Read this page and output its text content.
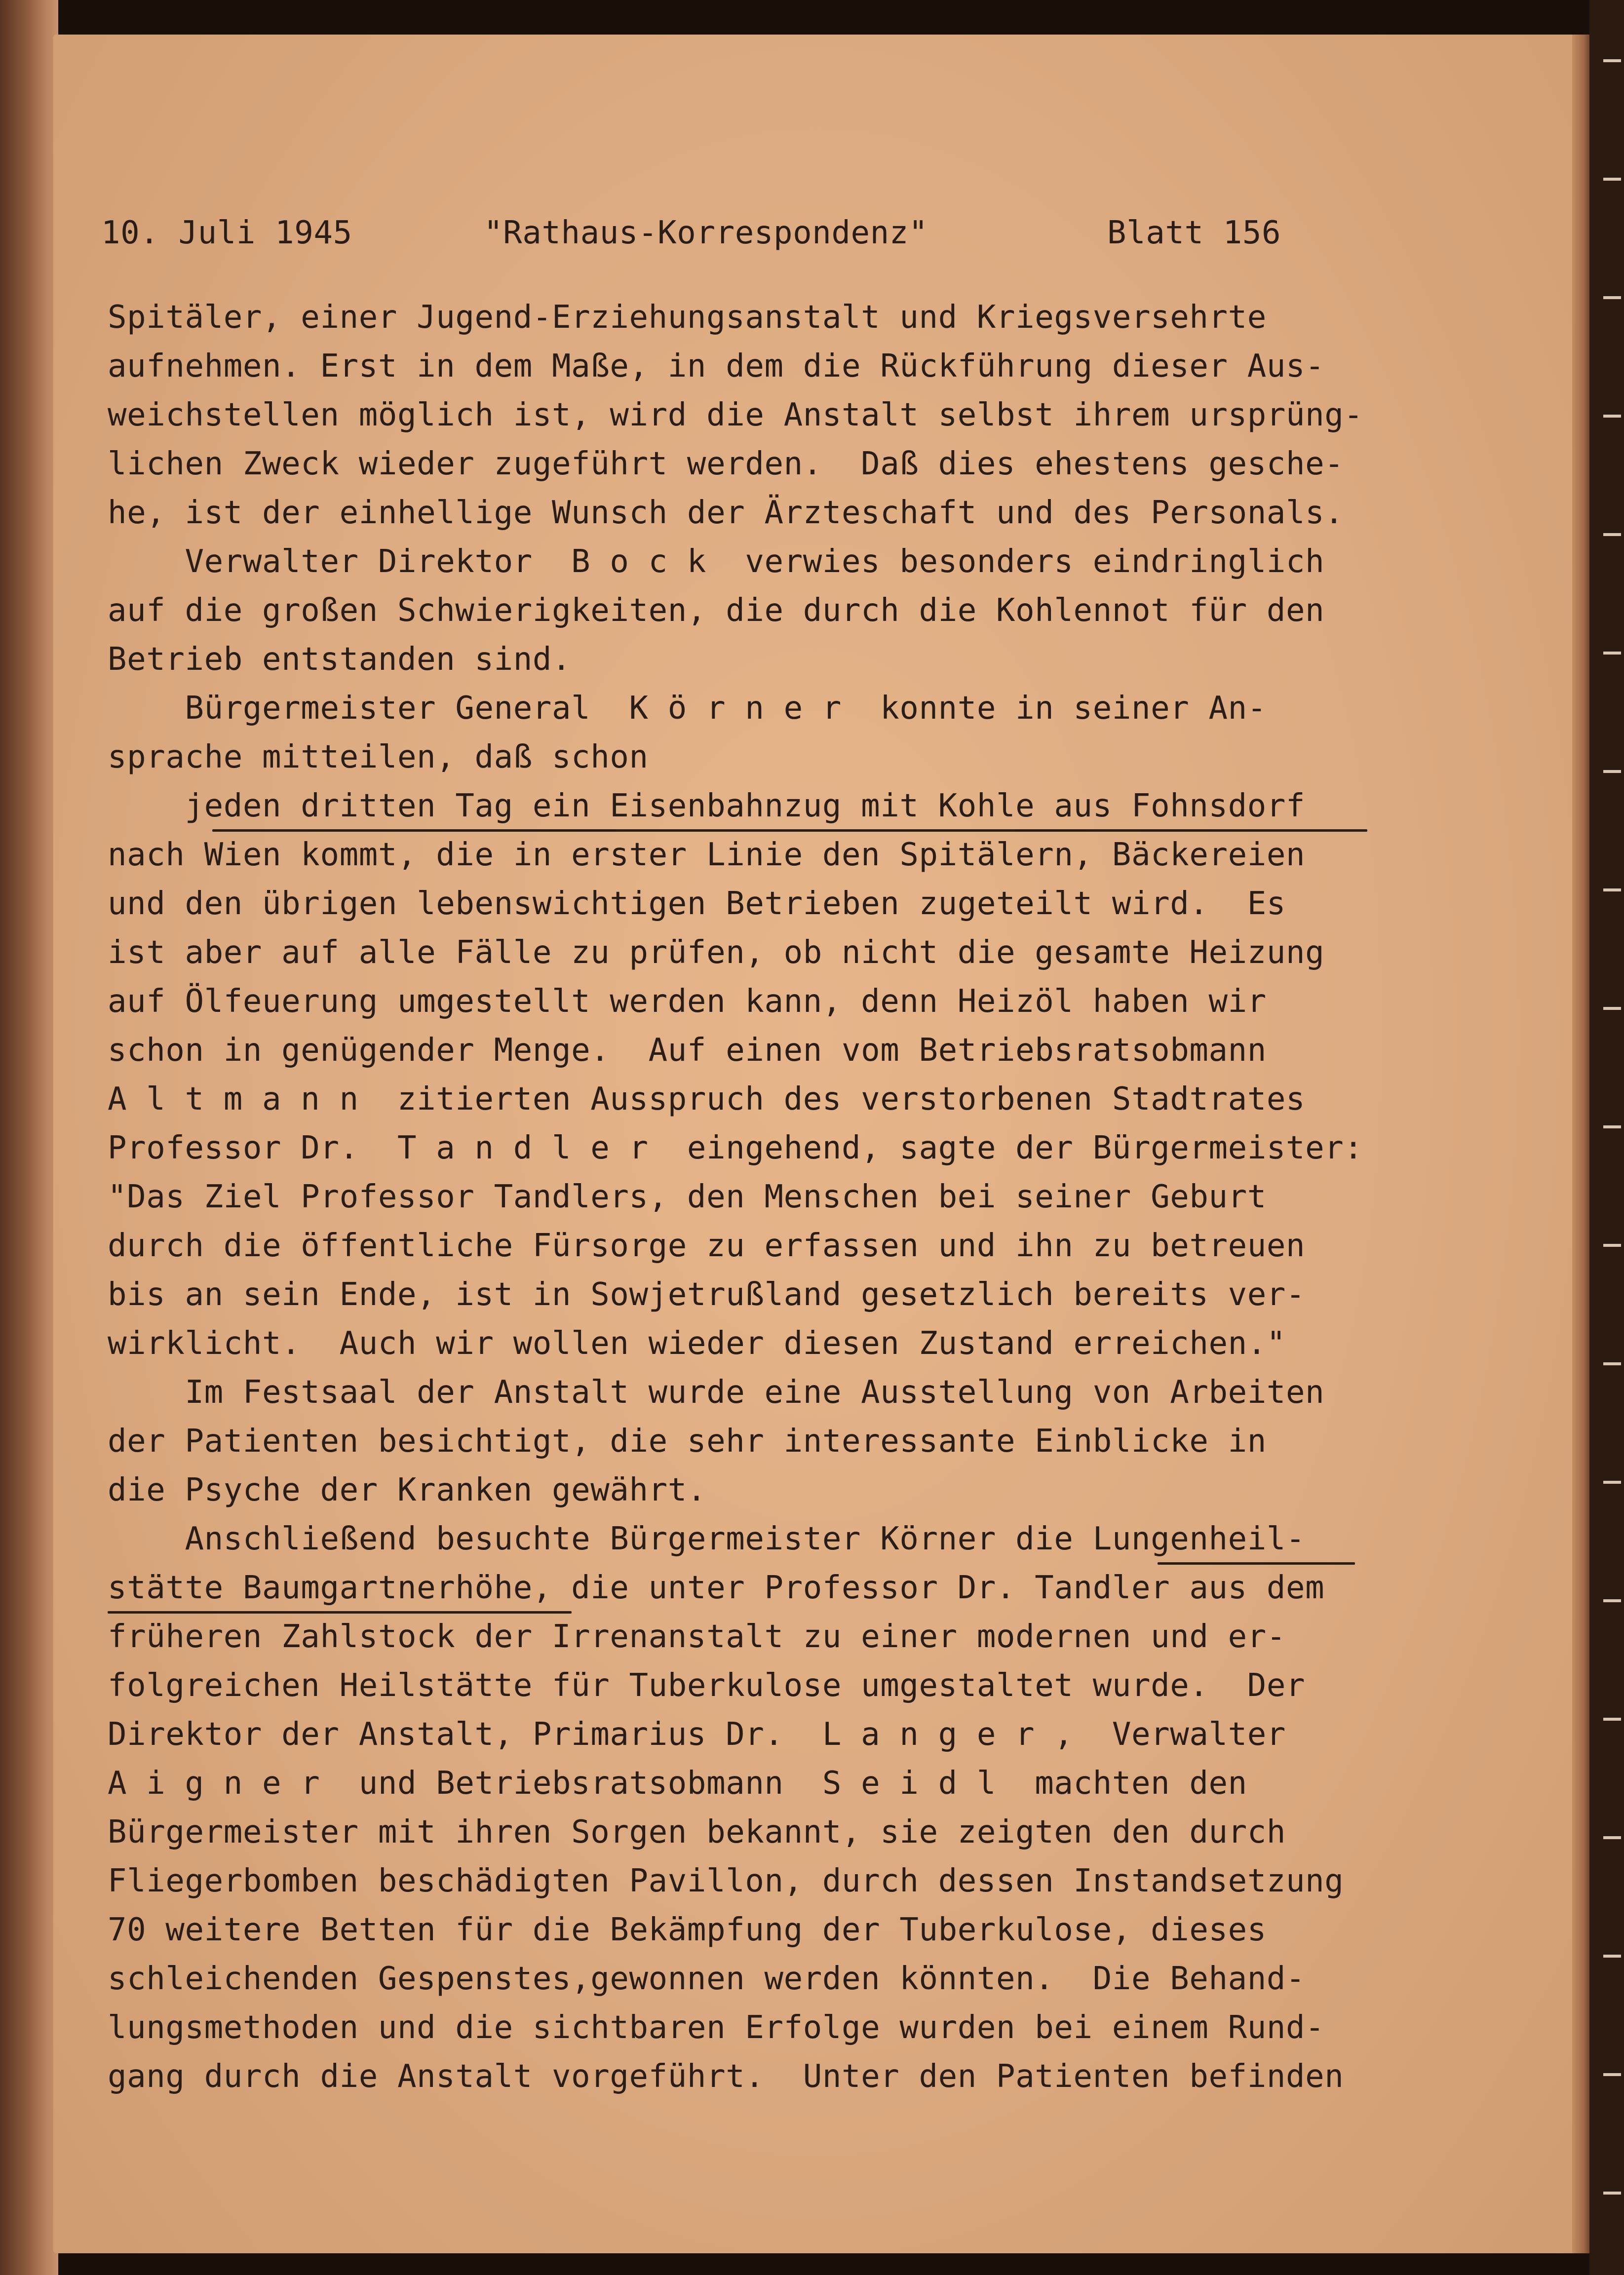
10. Juli 1945	"Rathaus-Korrespondenz"	Blatt 156
Spitäler, einer Jugend-Erziehungsanstalt und Kriegsversehrte
aufnehmen. Erst in dem Maße, in dem die Rückführung dieser Aus-
weichstellen möglich ist, wird die Anstalt selbst ihrem ursprüng-
lichen Zweck wieder zugeführt werden.  Daß dies ehestens gesche-
he, ist der einhellige Wunsch der Ärzteschaft und des Personals.
Verwalter Direktor  B o c k  verwies besonders eindringlich
auf die großen Schwierigkeiten, die durch die Kohlennot für den
Betrieb entstanden sind.
Bürgermeister General  K ö r n e r  konnte in seiner An-
sprache mitteilen, daß schon
jeden dritten Tag ein Eisenbahnzug mit Kohle aus Fohnsdorf
nach Wien kommt, die in erster Linie den Spitälern, Bäckereien
und den übrigen lebenswichtigen Betrieben zugeteilt wird.  Es
ist aber auf alle Fälle zu prüfen, ob nicht die gesamte Heizung
auf Ölfeuerung umgestellt werden kann, denn Heizöl haben wir
schon in genügender Menge.  Auf einen vom Betriebsratsobmann
A l t m a n n  zitierten Ausspruch des verstorbenen Stadtrates
Professor Dr.  T a n d l e r  eingehend, sagte der Bürgermeister:
"Das Ziel Professor Tandlers, den Menschen bei seiner Geburt
durch die öffentliche Fürsorge zu erfassen und ihn zu betreuen
bis an sein Ende, ist in Sowjetrußland gesetzlich bereits ver-
wirklicht.  Auch wir wollen wieder diesen Zustand erreichen."
Im Festsaal der Anstalt wurde eine Ausstellung von Arbeiten
der Patienten besichtigt, die sehr interessante Einblicke in
die Psyche der Kranken gewährt.
Anschließend besuchte Bürgermeister Körner die Lungenheil-
stätte Baumgartnerhöhe, die unter Professor Dr. Tandler aus dem
früheren Zahlstock der Irrenanstalt zu einer modernen und er-
folgreichen Heilstätte für Tuberkulose umgestaltet wurde.  Der
Direktor der Anstalt, Primarius Dr.  L a n g e r ,  Verwalter
A i g n e r  und Betriebsratsobmann  S e i d l  machten den
Bürgermeister mit ihren Sorgen bekannt, sie zeigten den durch
Fliegerbomben beschädigten Pavillon, durch dessen Instandsetzung
70 weitere Betten für die Bekämpfung der Tuberkulose, dieses
schleichenden Gespenstes,gewonnen werden könnten.  Die Behand-
lungsmethoden und die sichtbaren Erfolge wurden bei einem Rund-
gang durch die Anstalt vorgeführt.  Unter den Patienten befinden
